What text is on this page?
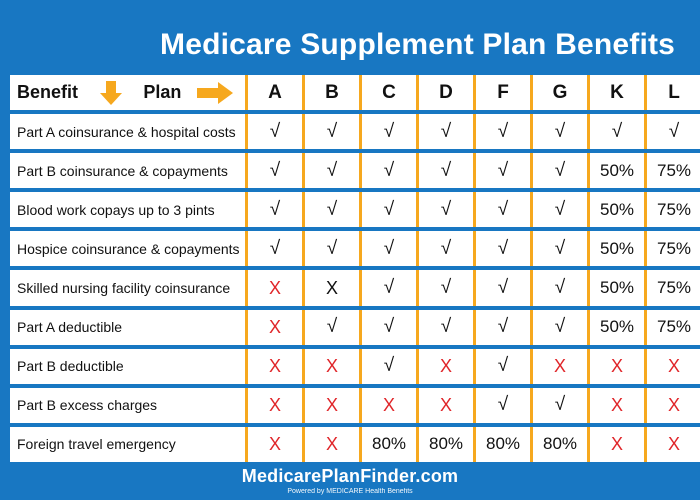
Medicare Supplement Plan Benefits
Benefit	Plan	A	B	C	D	F	G	K	L
Part A coinsurance & hospital costs	√ √ √ √ √ √ √ √
Part B coinsurance & copayments	√ √ √ √ √ √ 50% 75%
Blood work copays up to 3 pints	√ √ √ √ √ √ 50% 75%
Hospice coinsurance & copayments	√ √ √ √ √ √ 50% 75%
Skilled nursing facility coinsurance	X X √ √ √ √ 50% 75%
Part A deductible	X √ √ √ √ √ 50% 75%
Part B deductible	X X √	X √	X X X
Part B excess charges	X X X X √ √	X X
Foreign travel emergency	X X 80% 80% 80% 80% X X
MedicarePlanFinder.com
Powered by MEDICARE Health Benefits
